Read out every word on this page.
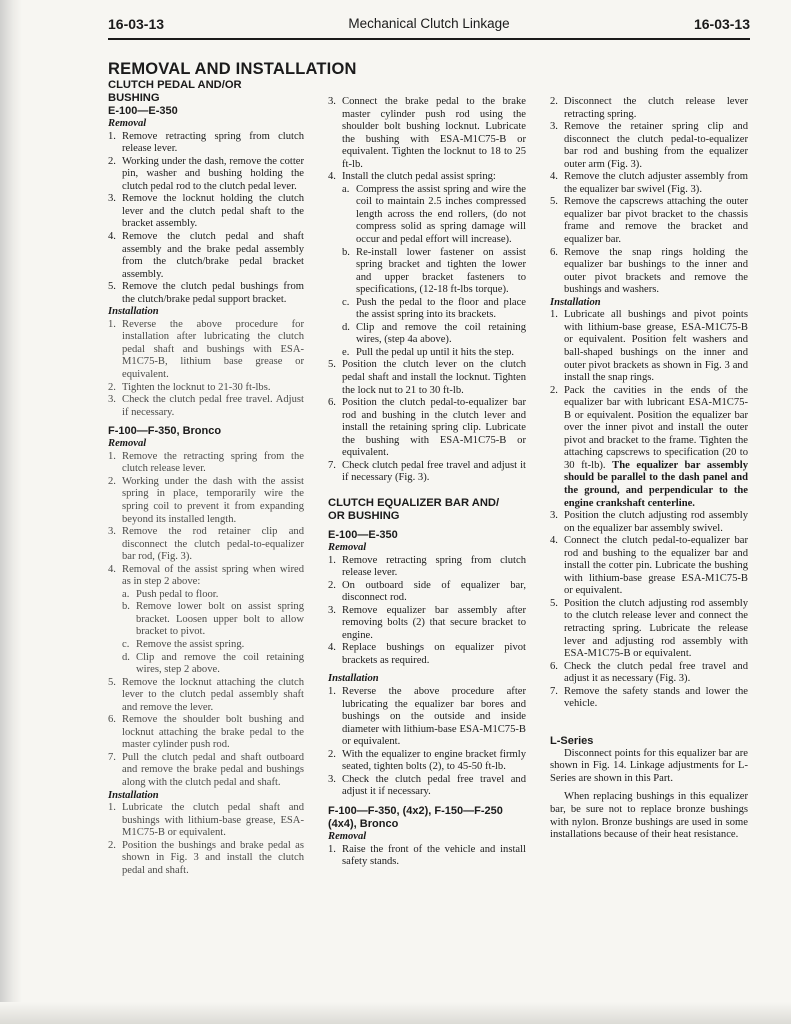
16-03-13	Mechanical Clutch Linkage	16-03-13
REMOVAL AND INSTALLATION
CLUTCH PEDAL AND/OR
BUSHING
E-100—E-350
Removal
1. Remove retracting spring from clutch release lever.
2. Working under the dash, remove the cotter pin, washer and bushing holding the clutch pedal rod to the clutch pedal lever.
3. Remove the locknut holding the clutch lever and the clutch pedal shaft to the bracket assembly.
4. Remove the clutch pedal and shaft assembly and the brake pedal assembly from the clutch/brake pedal bracket assembly.
5. Remove the clutch pedal bushings from the clutch/brake pedal support bracket.
Installation
1. Reverse the above procedure for installation after lubricating the clutch pedal shaft and bushings with ESA-M1C75-B, lithium base grease or equivalent.
2. Tighten the locknut to 21-30 ft-lbs.
3. Check the clutch pedal free travel. Adjust if necessary.
F-100—F-350, Bronco
Removal
1. Remove the retracting spring from the clutch release lever.
2. Working under the dash with the assist spring in place, temporarily wire the spring coil to prevent it from expanding beyond its installed length.
3. Remove the rod retainer clip and disconnect the clutch pedal-to-equalizer bar rod, (Fig. 3).
4. Removal of the assist spring when wired as in step 2 above:
a. Push pedal to floor.
b. Remove lower bolt on assist spring bracket. Loosen upper bolt to allow bracket to pivot.
c. Remove the assist spring.
d. Clip and remove the coil retaining wires, step 2 above.
5. Remove the locknut attaching the clutch lever to the clutch pedal assembly shaft and remove the lever.
6. Remove the shoulder bolt bushing and locknut attaching the brake pedal to the master cylinder push rod.
7. Pull the clutch pedal and shaft outboard and remove the brake pedal and bushings along with the clutch pedal and shaft.
Installation
1. Lubricate the clutch pedal shaft and bushings with lithium-base grease, ESA-M1C75-B or equivalent.
2. Position the bushings and brake pedal as shown in Fig. 3 and install the clutch pedal and shaft.
3. Connect the brake pedal to the brake master cylinder push rod using the shoulder bolt bushing locknut. Lubricate the bushing with ESA-M1C75-B or equivalent. Tighten the locknut to 18 to 25 ft-lb.
4. Install the clutch pedal assist spring:
a. Compress the assist spring and wire the coil to maintain 2.5 inches compressed length across the end rollers, (do not compress solid as spring damage will occur and pedal effort will increase).
b. Re-install lower fastener on assist spring bracket and tighten the lower and upper bracket fasteners to specifications, (12-18 ft-lbs torque).
c. Push the pedal to the floor and place the assist spring into its brackets.
d. Clip and remove the coil retaining wires, (step 4a above).
e. Pull the pedal up until it hits the step.
5. Position the clutch lever on the clutch pedal shaft and install the locknut. Tighten the lock nut to 21 to 30 ft-lb.
6. Position the clutch pedal-to-equalizer bar rod and bushing in the clutch lever and install the retaining spring clip. Lubricate the bushing with ESA-M1C75-B or equivalent.
7. Check clutch pedal free travel and adjust it if necessary (Fig. 3).
CLUTCH EQUALIZER BAR AND/
OR BUSHING
E-100—E-350
Removal
1. Remove retracting spring from clutch release lever.
2. On outboard side of equalizer bar, disconnect rod.
3. Remove equalizer bar assembly after removing bolts (2) that secure bracket to engine.
4. Replace bushings on equalizer pivot brackets as required.
Installation
1. Reverse the above procedure after lubricating the equalizer bar bores and bushings on the outside and inside diameter with lithium-base ESA-M1C75-B or equivalent.
2. With the equalizer to engine bracket firmly seated, tighten bolts (2), to 45-50 ft-lb.
3. Check the clutch pedal free travel and adjust it if necessary.
F-100—F-350, (4x2), F-150—F-250 (4x4), Bronco
Removal
1. Raise the front of the vehicle and install safety stands.
2. Disconnect the clutch release lever retracting spring.
3. Remove the retainer spring clip and disconnect the clutch pedal-to-equalizer bar rod and bushing from the equalizer outer arm (Fig. 3).
4. Remove the clutch adjuster assembly from the equalizer bar swivel (Fig. 3).
5. Remove the capscrews attaching the outer equalizer bar pivot bracket to the chassis frame and remove the bracket and equalizer bar.
6. Remove the snap rings holding the equalizer bar bushings to the inner and outer pivot brackets and remove the bushings and washers.
Installation
1. Lubricate all bushings and pivot points with lithium-base grease, ESA-M1C75-B or equivalent. Position felt washers and ball-shaped bushings on the inner and outer pivot brackets as shown in Fig. 3 and install the snap rings.
2. Pack the cavities in the ends of the equalizer bar with lubricant ESA-M1C75-B or equivalent. Position the equalizer bar over the inner pivot and install the outer pivot and bracket to the frame. Tighten the attaching capscrews to specification (20 to 30 ft-lb). The equalizer bar assembly should be parallel to the dash panel and the ground, and perpendicular to the engine crankshaft centerline.
3. Position the clutch adjusting rod assembly on the equalizer bar assembly swivel.
4. Connect the clutch pedal-to-equalizer bar rod and bushing to the equalizer bar and install the cotter pin. Lubricate the bushing with lithium-base grease ESA-M1C75-B or equivalent.
5. Position the clutch adjusting rod assembly to the clutch release lever and connect the retracting spring. Lubricate the release lever and adjusting rod assembly with ESA-M1C75-B or equivalent.
6. Check the clutch pedal free travel and adjust it as necessary (Fig. 3).
7. Remove the safety stands and lower the vehicle.
L-Series

Disconnect points for this equalizer bar are shown in Fig. 14. Linkage adjustments for L-Series are shown in this Part.

When replacing bushings in this equalizer bar, be sure not to replace bronze bushings with nylon. Bronze bushings are used in some installations because of their heat resistance.
